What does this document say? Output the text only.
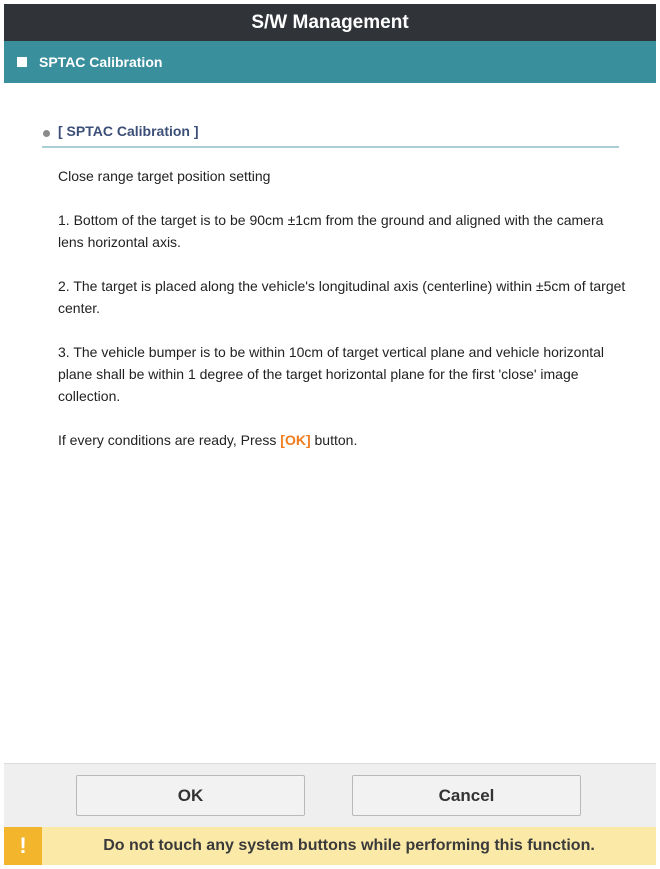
S/W Management
SPTAC Calibration
[ SPTAC Calibration ]

Close range target position setting

1. Bottom of the target is to be 90cm ±1cm from the ground and aligned with the camera lens horizontal axis.

2. The target is placed along the vehicle's longitudinal axis (centerline) within ±5cm of target center.

3. The vehicle bumper is to be within 10cm of target vertical plane and vehicle horizontal plane shall be within 1 degree of the target horizontal plane for the first 'close' image collection.

If every conditions are ready, Press [OK] button.

OK	Cancel
!	Do not touch any system buttons while performing this function.
